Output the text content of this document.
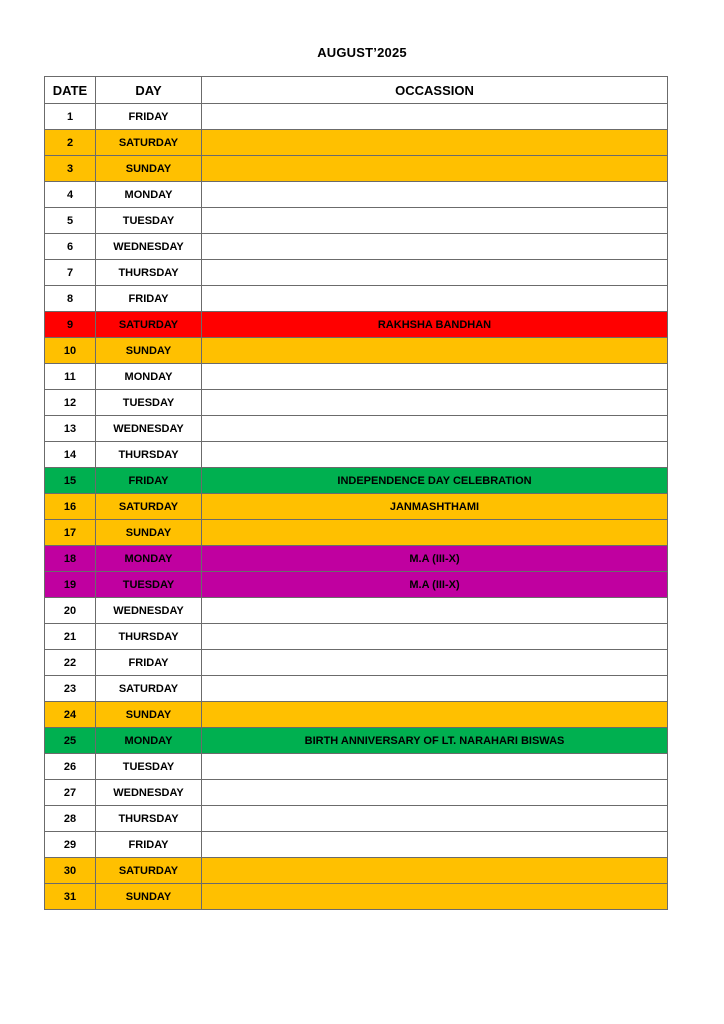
AUGUST’2025
DATE	DAY	OCCASSION
1	FRIDAY	
2	SATURDAY	
3	SUNDAY	
4	MONDAY	
5	TUESDAY	
6	WEDNESDAY	
7	THURSDAY	
8	FRIDAY	
9	SATURDAY	RAKHSHA BANDHAN
10	SUNDAY	
11	MONDAY	
12	TUESDAY	
13	WEDNESDAY	
14	THURSDAY	
15	FRIDAY	INDEPENDENCE DAY CELEBRATION
16	SATURDAY	JANMASHTHAMI
17	SUNDAY	
18	MONDAY	M.A (III-X)
19	TUESDAY	M.A (III-X)
20	WEDNESDAY	
21	THURSDAY	
22	FRIDAY	
23	SATURDAY	
24	SUNDAY	
25	MONDAY	BIRTH ANNIVERSARY OF LT. NARAHARI BISWAS
26	TUESDAY	
27	WEDNESDAY	
28	THURSDAY	
29	FRIDAY	
30	SATURDAY	
31	SUNDAY	
